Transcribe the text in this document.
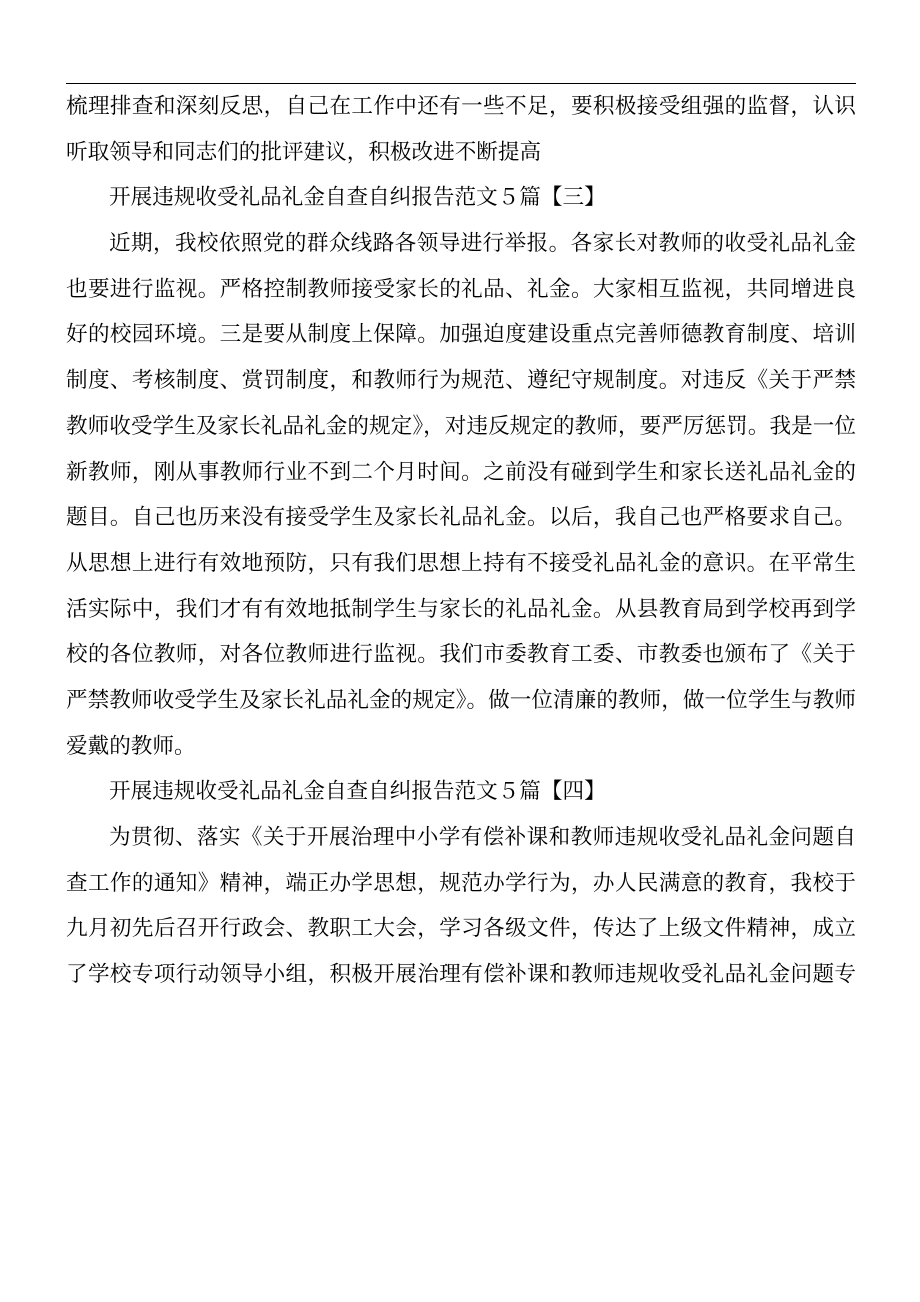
梳理排查和深刻反思，自己在工作中还有一些不足，要积极接受组强的监督，认识
听取领导和同志们的批评建议，积极改进不断提高
开展违规收受礼品礼金自查自纠报告范文５篇【三】
近期，我校依照党的群众线路各领导进行举报。各家长对教师的收受礼品礼金
也要进行监视。严格控制教师接受家长的礼品、礼金。大家相互监视，共同增进良
好的校园环境。三是要从制度上保障。加强迫度建设重点完善师德教育制度、培训
制度、考核制度、赏罚制度，和教师行为规范、遵纪守规制度。对违反《关于严禁
教师收受学生及家长礼品礼金的规定》，对违反规定的教师，要严厉惩罚。我是一位
新教师，刚从事教师行业不到二个月时间。之前没有碰到学生和家长送礼品礼金的
题目。自己也历来没有接受学生及家长礼品礼金。以后，我自己也严格要求自己。
从思想上进行有效地预防，只有我们思想上持有不接受礼品礼金的意识。在平常生
活实际中，我们才有有效地抵制学生与家长的礼品礼金。从县教育局到学校再到学
校的各位教师，对各位教师进行监视。我们市委教育工委、市教委也颁布了《关于
严禁教师收受学生及家长礼品礼金的规定》。做一位清廉的教师，做一位学生与教师
爱戴的教师。
开展违规收受礼品礼金自查自纠报告范文５篇【四】
为贯彻、落实《关于开展治理中小学有偿补课和教师违规收受礼品礼金问题自
查工作的通知》精神，端正办学思想，规范办学行为，办人民满意的教育，我校于
九月初先后召开行政会、教职工大会，学习各级文件，传达了上级文件精神，成立
了学校专项行动领导小组，积极开展治理有偿补课和教师违规收受礼品礼金问题专
